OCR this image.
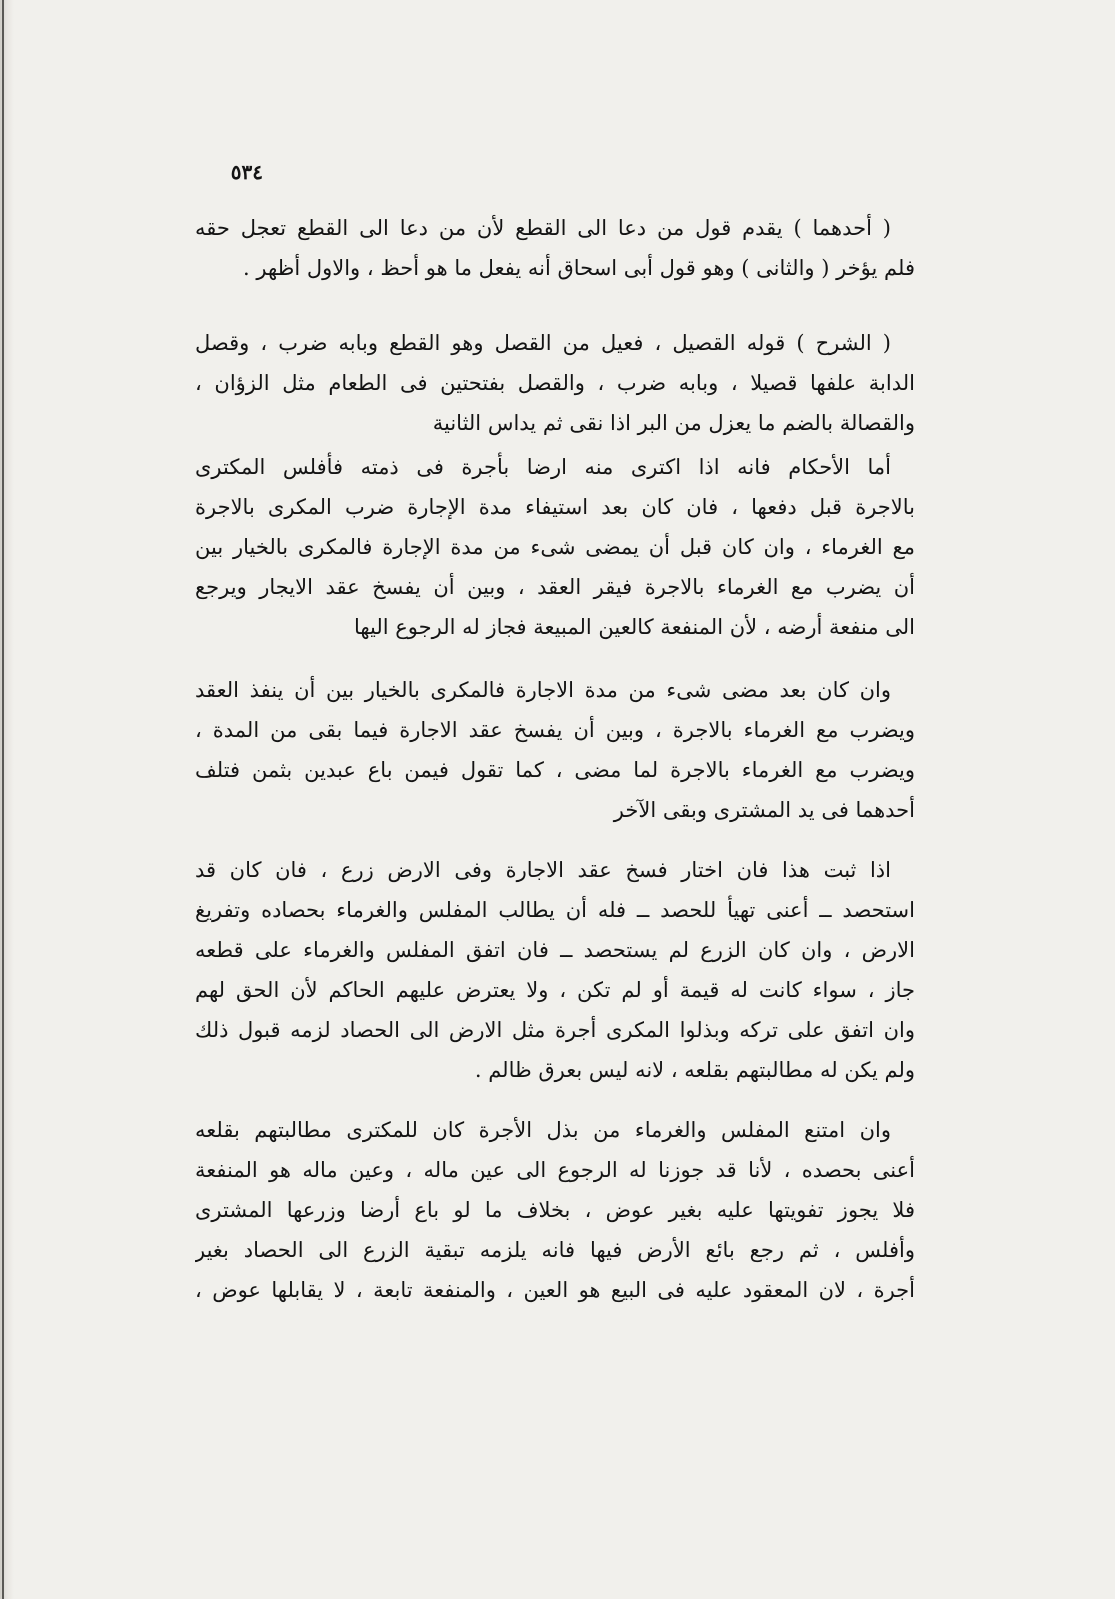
٥٣٤
( أحدهما ) يقدم قول من دعا الى القطع لأن من دعا الى القطع تعجل حقه
فلم يؤخر ( والثانى ) وهو قول أبى اسحاق أنه يفعل ما هو أحظ ، والاول أظهر .
( الشرح ) قوله القصيل ، فعيل من القصل وهو القطع وبابه ضرب ، وقصل
الدابة علفها قصيلا ، وبابه ضرب ، والقصل بفتحتين فى الطعام مثل الزؤان ،
والقصالة بالضم ما يعزل من البر اذا نقى ثم يداس الثانية
أما الأحكام فانه اذا اكترى منه ارضا بأجرة فى ذمته فأفلس المكترى
بالاجرة قبل دفعها ، فان كان بعد استيفاء مدة الإجارة ضرب المكرى بالاجرة
مع الغرماء ، وان كان قبل أن يمضى شىء من مدة الإجارة فالمكرى بالخيار بين
أن يضرب مع الغرماء بالاجرة فيقر العقد ، وبين أن يفسخ عقد الايجار ويرجع
الى منفعة أرضه ، لأن المنفعة كالعين المبيعة فجاز له الرجوع اليها
وان كان بعد مضى شىء من مدة الاجارة فالمكرى بالخيار بين أن ينفذ العقد
ويضرب مع الغرماء بالاجرة ، وبين أن يفسخ عقد الاجارة فيما بقى من المدة ،
ويضرب مع الغرماء بالاجرة لما مضى ، كما تقول فيمن باع عبدين بثمن فتلف
أحدهما فى يد المشترى وبقى الآخر
اذا ثبت هذا فان اختار فسخ عقد الاجارة وفى الارض زرع ، فان كان قد
استحصد ــ أعنى تهيأ للحصد ــ فله أن يطالب المفلس والغرماء بحصاده وتفريغ
الارض ، وان كان الزرع لم يستحصد ــ فان اتفق المفلس والغرماء على قطعه
جاز ، سواء كانت له قيمة أو لم تكن ، ولا يعترض عليهم الحاكم لأن الحق لهم
وان اتفق على تركه وبذلوا المكرى أجرة مثل الارض الى الحصاد لزمه قبول ذلك
ولم يكن له مطالبتهم بقلعه ، لانه ليس بعرق ظالم .
وان امتنع المفلس والغرماء من بذل الأجرة كان للمكترى مطالبتهم بقلعه
أعنى بحصده ، لأنا قد جوزنا له الرجوع الى عين ماله ، وعين ماله هو المنفعة
فلا يجوز تفويتها عليه بغير عوض ، بخلاف ما لو باع أرضا وزرعها المشترى
وأفلس ، ثم رجع بائع الأرض فيها فانه يلزمه تبقية الزرع الى الحصاد بغير
أجرة ، لان المعقود عليه فى البيع هو العين ، والمنفعة تابعة ، لا يقابلها عوض ،
